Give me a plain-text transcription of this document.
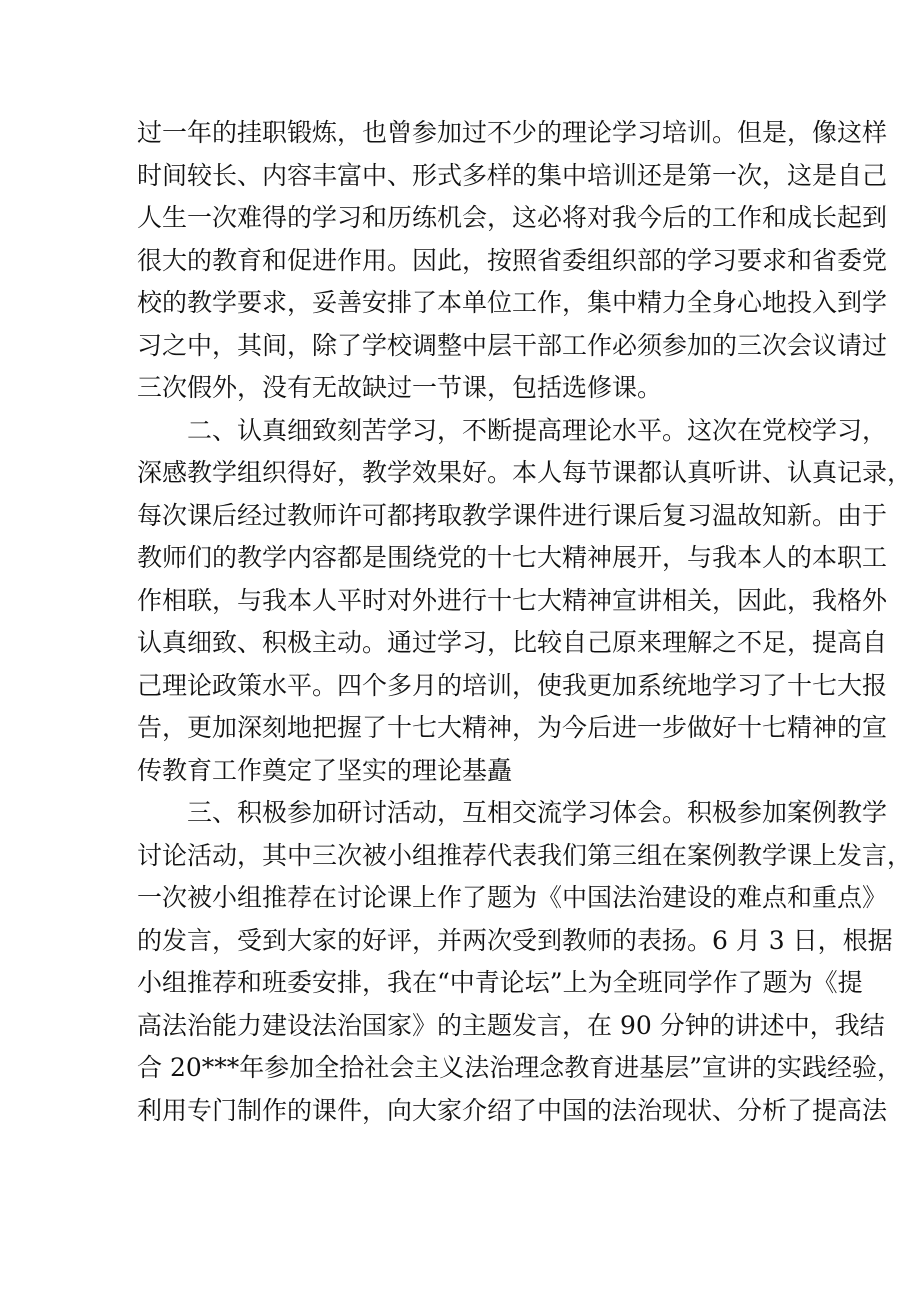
过一年的挂职锻炼，也曾参加过不少的理论学习培训。但是，像这样
时间较长、内容丰富中、形式多样的集中培训还是第一次，这是自己
人生一次难得的学习和历练机会，这必将对我今后的工作和成长起到
很大的教育和促进作用。因此，按照省委组织部的学习要求和省委党
校的教学要求，妥善安排了本单位工作，集中精力全身心地投入到学
习之中，其间，除了学校调整中层干部工作必须参加的三次会议请过
三次假外，没有无故缺过一节课，包括选修课。
二、认真细致刻苦学习，不断提高理论水平。这次在党校学习，
深感教学组织得好，教学效果好。本人每节课都认真听讲、认真记录，
每次课后经过教师许可都拷取教学课件进行课后复习温故知新。由于
教师们的教学内容都是围绕党的十七大精神展开，与我本人的本职工
作相联，与我本人平时对外进行十七大精神宣讲相关，因此，我格外
认真细致、积极主动。通过学习，比较自己原来理解之不足，提高自
己理论政策水平。四个多月的培训，使我更加系统地学习了十七大报
告，更加深刻地把握了十七大精神，为今后进一步做好十七精神的宣
传教育工作奠定了坚实的理论基矗
三、积极参加研讨活动，互相交流学习体会。积极参加案例教学
讨论活动，其中三次被小组推荐代表我们第三组在案例教学课上发言，
一次被小组推荐在讨论课上作了题为《中国法治建设的难点和重点》
的发言，受到大家的好评，并两次受到教师的表扬。6 月 3 日，根据
小组推荐和班委安排，我在“中青论坛”上为全班同学作了题为《提
高法治能力建设法治国家》的主题发言，在 90 分钟的讲述中，我结
合 20***年参加全拾社会主义法治理念教育进基层”宣讲的实践经验，
利用专门制作的课件，向大家介绍了中国的法治现状、分析了提高法
